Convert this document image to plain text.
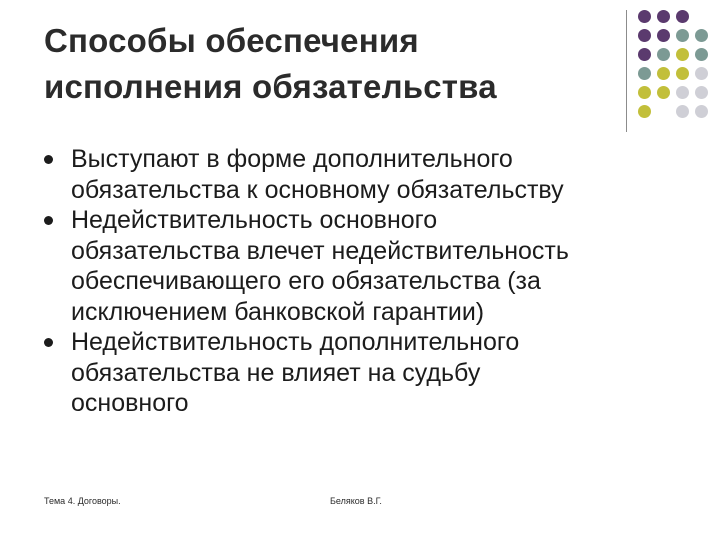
Способы обеспечения
исполнения обязательства
Выступают в форме дополнительного
обязательства к основному обязательству
Недействительность основного
обязательства влечет недействительность
обеспечивающего его обязательства (за
исключением банковской гарантии)
Недействительность дополнительного
обязательства не влияет на судьбу
основного
Тема 4. Договоры.	Беляков В.Г.
